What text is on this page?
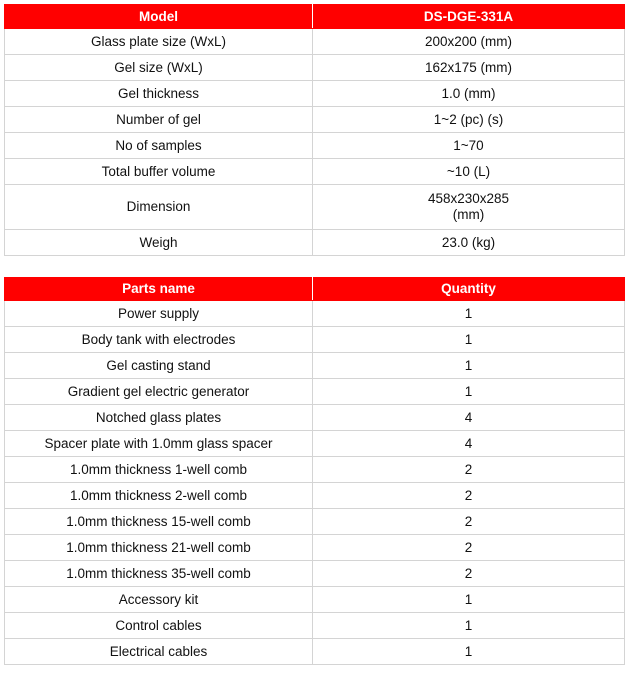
Model	DS-DGE-331A
Glass plate size (WxL)	200x200 (mm)
Gel size (WxL)	162x175 (mm)
Gel thickness	1.0 (mm)
Number of gel	1~2 (pc) (s)
No of samples	1~70
Total buffer volume	~10 (L)
Dimension	458x230x285
(mm)

Weigh	23.0 (kg)
Parts name	Quantity
Power supply	1
Body tank with electrodes	1
Gel casting stand	1
Gradient gel electric generator	1
Notched glass plates	4
Spacer plate with 1.0mm glass spacer	4
1.0mm thickness 1-well comb	2
1.0mm thickness 2-well comb	2
1.0mm thickness 15-well comb	2
1.0mm thickness 21-well comb	2
1.0mm thickness 35-well comb	2
Accessory kit	1
Control cables	1
Electrical cables	1
